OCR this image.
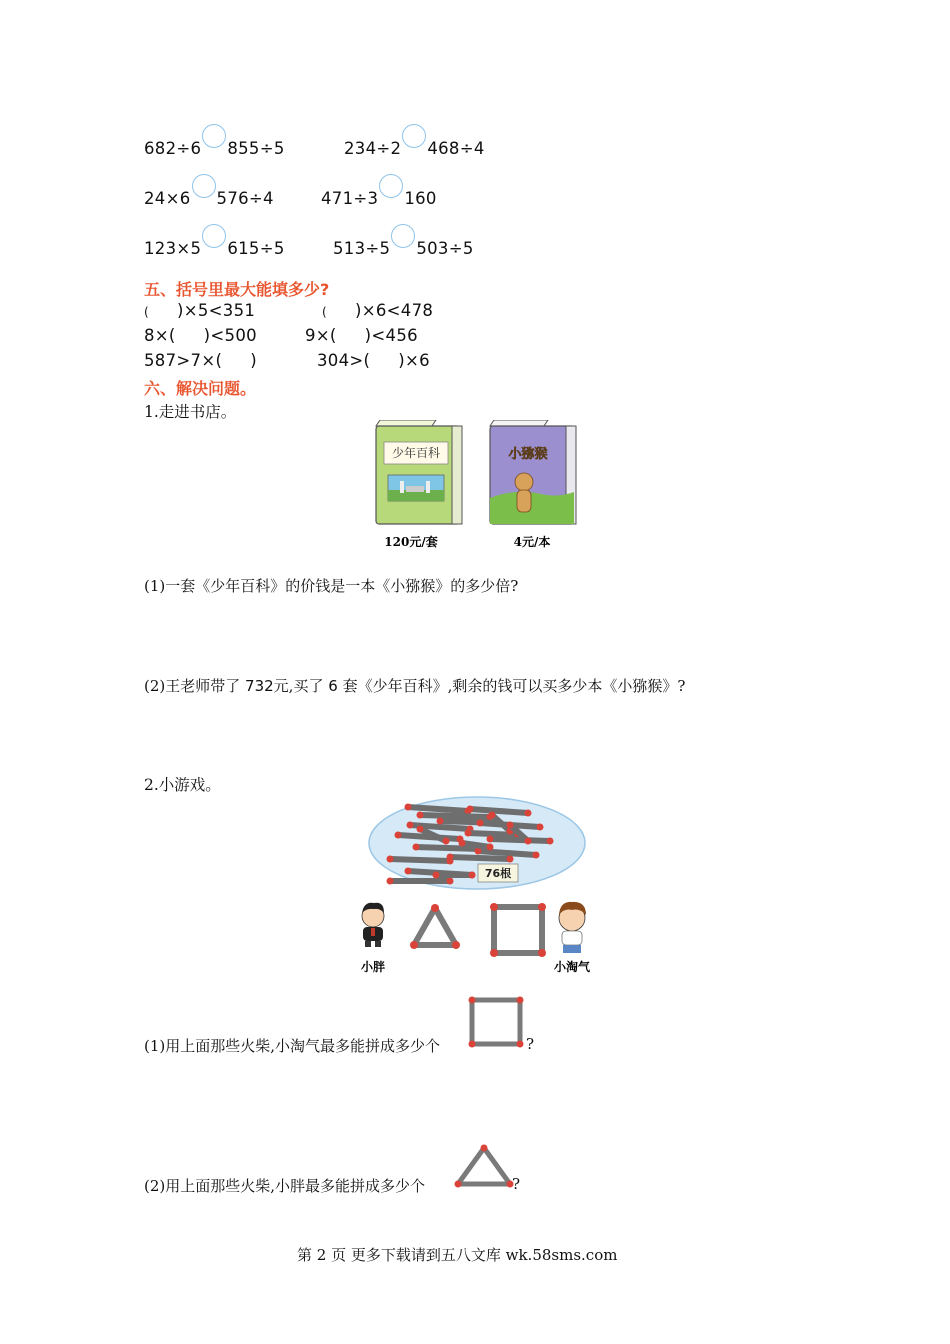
682÷6 855÷5	234÷2 468÷4
24×6 576÷4	471÷3 160
123×5 615÷5	513÷5 503÷5
五、括号里最大能填多少?
( )×5<351	( )×6<478
8×( )<500	9×( )<456
587>7×( )	304>( )×6
六、解决问题。
1.走进书店。
少年百科	小猕猴
120元/套	4元/本
(1)一套《少年百科》的价钱是一本《小猕猴》的多少倍?
(2)王老师带了 732元,买了 6 套《少年百科》,剩余的钱可以买多少本《小猕猴》?
2.小游戏。
76根
小胖	小淘气
(1)用上面那些火柴,小淘气最多能拼成多少个	?
(2)用上面那些火柴,小胖最多能拼成多少个	?
第 2 页 更多下载请到五八文库 wk.58sms.com
